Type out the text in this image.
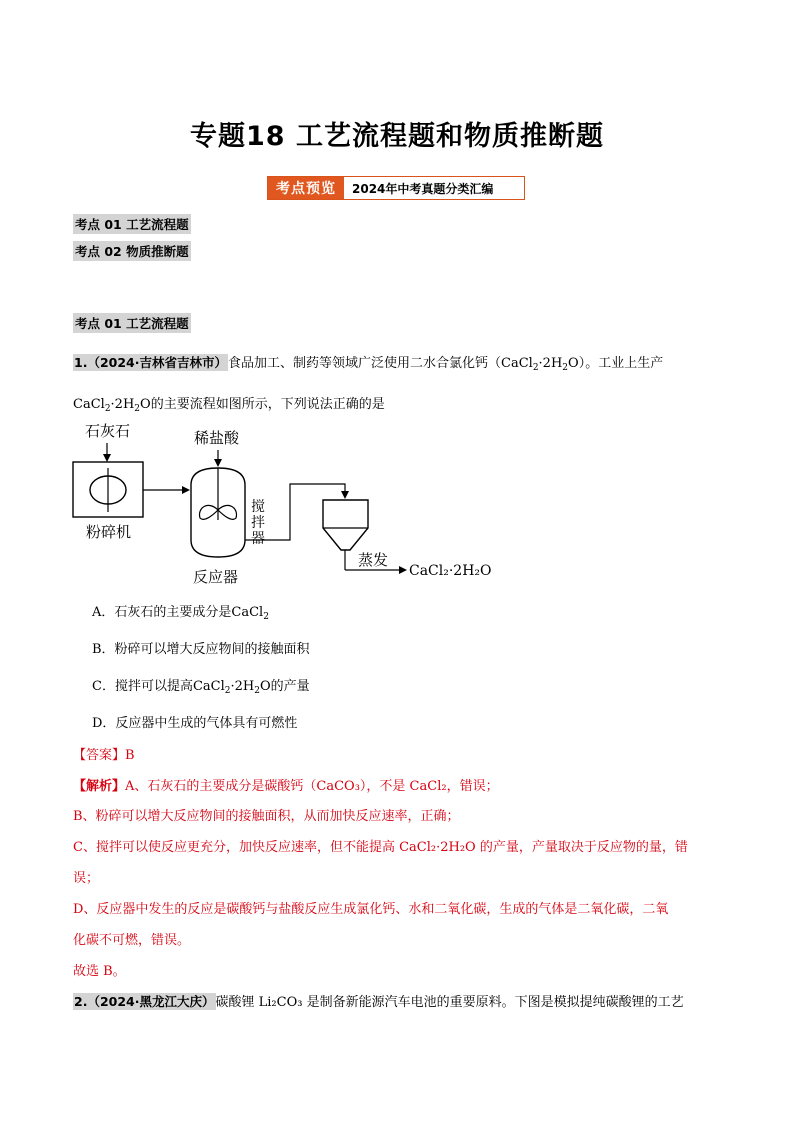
专题18 工艺流程题和物质推断题
考点预览	2024年中考真题分类汇编
考点 01 工艺流程题
考点 02 物质推断题
考点 01 工艺流程题
1.（2024·吉林省吉林市）食品加工、制药等领域广泛使用二水合氯化钙$(CaCl_2\cdot 2H_2O)$。工业上生产
$CaCl_2\cdot 2H_2O$的主要流程如图所示，下列说法正确的是
石灰石
粉碎机
稀盐酸
搅
拌
器
反应器
蒸发
CaCl₂·2H₂O
A．石灰石的主要成分是CaCl$_2$
B．粉碎可以增大反应物间的接触面积
C．搅拌可以提高$CaCl_2\cdot 2H_2O$的产量
D．反应器中生成的气体具有可燃性
【答案】B
【解析】A、石灰石的主要成分是碳酸钙（CaCO₃），不是 CaCl₂，错误；
B、粉碎可以增大反应物间的接触面积，从而加快反应速率，正确；
C、搅拌可以使反应更充分，加快反应速率，但不能提高 CaCl₂·2H₂O 的产量，产量取决于反应物的量，错
误；
D、反应器中发生的反应是碳酸钙与盐酸反应生成氯化钙、水和二氧化碳，生成的气体是二氧化碳，二氧
化碳不可燃，错误。
故选 B。
2.（2024·黑龙江大庆）碳酸锂 Li₂CO₃ 是制备新能源汽车电池的重要原料。下图是模拟提纯碳酸锂的工艺
